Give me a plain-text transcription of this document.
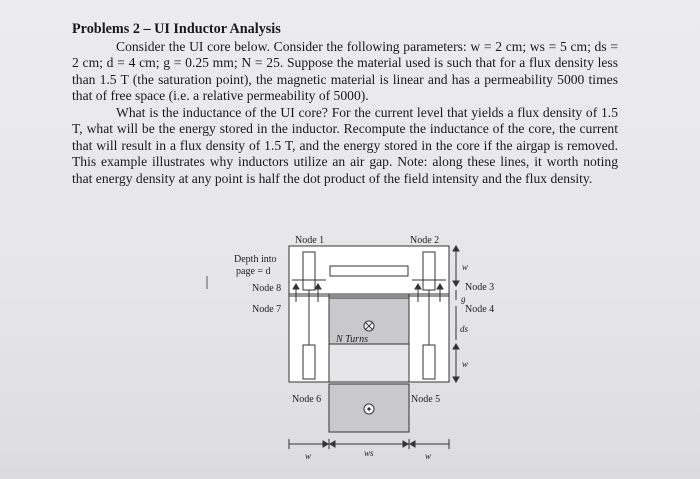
Problems 2 – UI Inductor Analysis
Consider the UI core below. Consider the following parameters: w = 2 cm; ws = 5 cm; ds = 2 cm; d = 4 cm; g = 0.25 mm; N = 25. Suppose the material used is such that for a flux density less than 1.5 T (the saturation point), the magnetic material is linear and has a permeability 5000 times that of free space (i.e. a relative permeability of 5000).
What is the inductance of the UI core? For the current level that yields a flux density of 1.5 T, what will be the energy stored in the inductor. Recompute the inductance of the core, the current that will result in a flux density of 1.5 T, and the energy stored in the core if the airgap is removed. This example illustrates why inductors utilize an air gap. Note: along these lines, it worth noting that energy density at any point is half the dot product of the field intensity and the flux density.
Node 1	Node 2
Node 3
Node 4
Node 5
Node 6
Node 7
Node 8
Depth into
page = d
N Turns
w
g
ds
w
w	ws	w
